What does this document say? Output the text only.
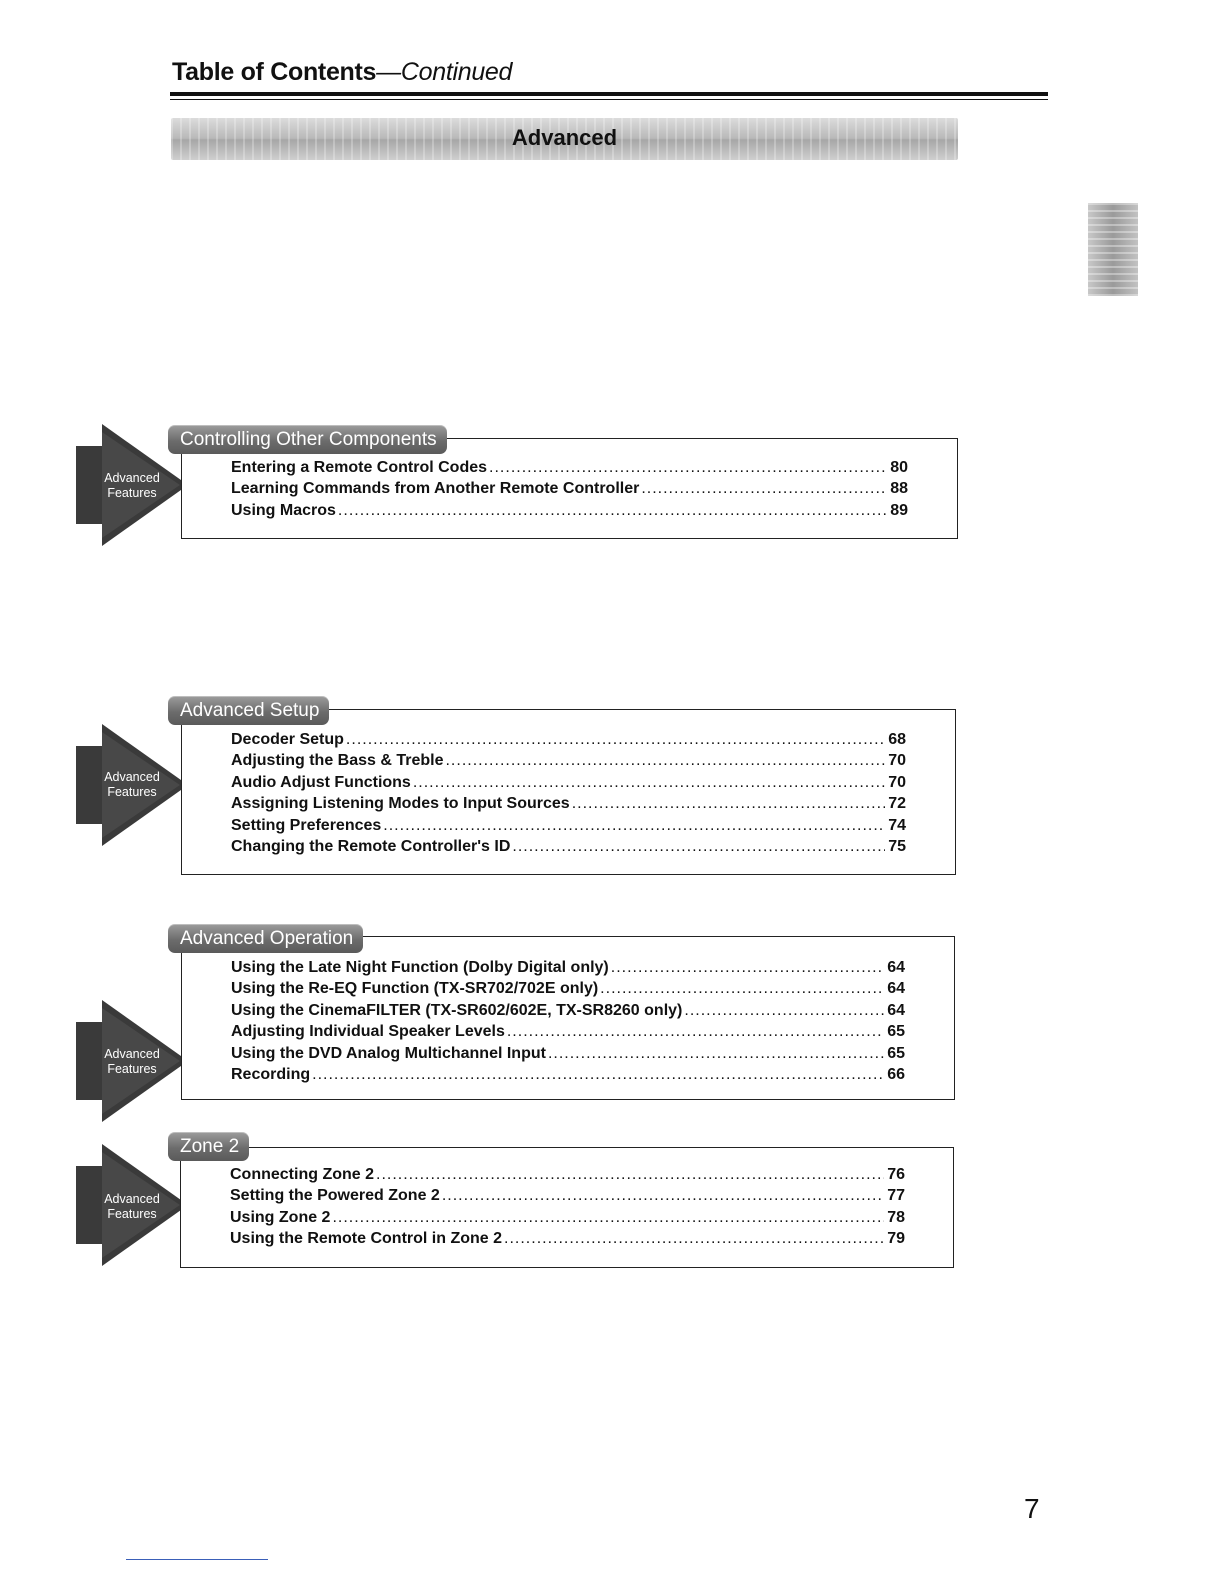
Table of Contents—Continued
Advanced
Advanced
Features
Controlling Other Components
Entering a Remote Control Codes .....	80
Learning Commands from Another Remote Controller .....	88
Using Macros .....	89
Advanced
Features
Advanced Setup
Decoder Setup .....	68
Adjusting the Bass & Treble .....	70
Audio Adjust Functions .....	70
Assigning Listening Modes to Input Sources .....	72
Setting Preferences .....	74
Changing the Remote Controller's ID .....	75
Advanced
Features
Advanced Operation
Using the Late Night Function (Dolby Digital only) .....	64
Using the Re-EQ Function (TX-SR702/702E only) .....	64
Using the CinemaFILTER (TX-SR602/602E, TX-SR8260 only) .....	64
Adjusting Individual Speaker Levels .....	65
Using the DVD Analog Multichannel Input .....	65
Recording .....	66
Advanced
Features
Zone 2
Connecting Zone 2 .....	76
Setting the Powered Zone 2 .....	77
Using Zone 2 .....	78
Using the Remote Control in Zone 2 .....	79
7
